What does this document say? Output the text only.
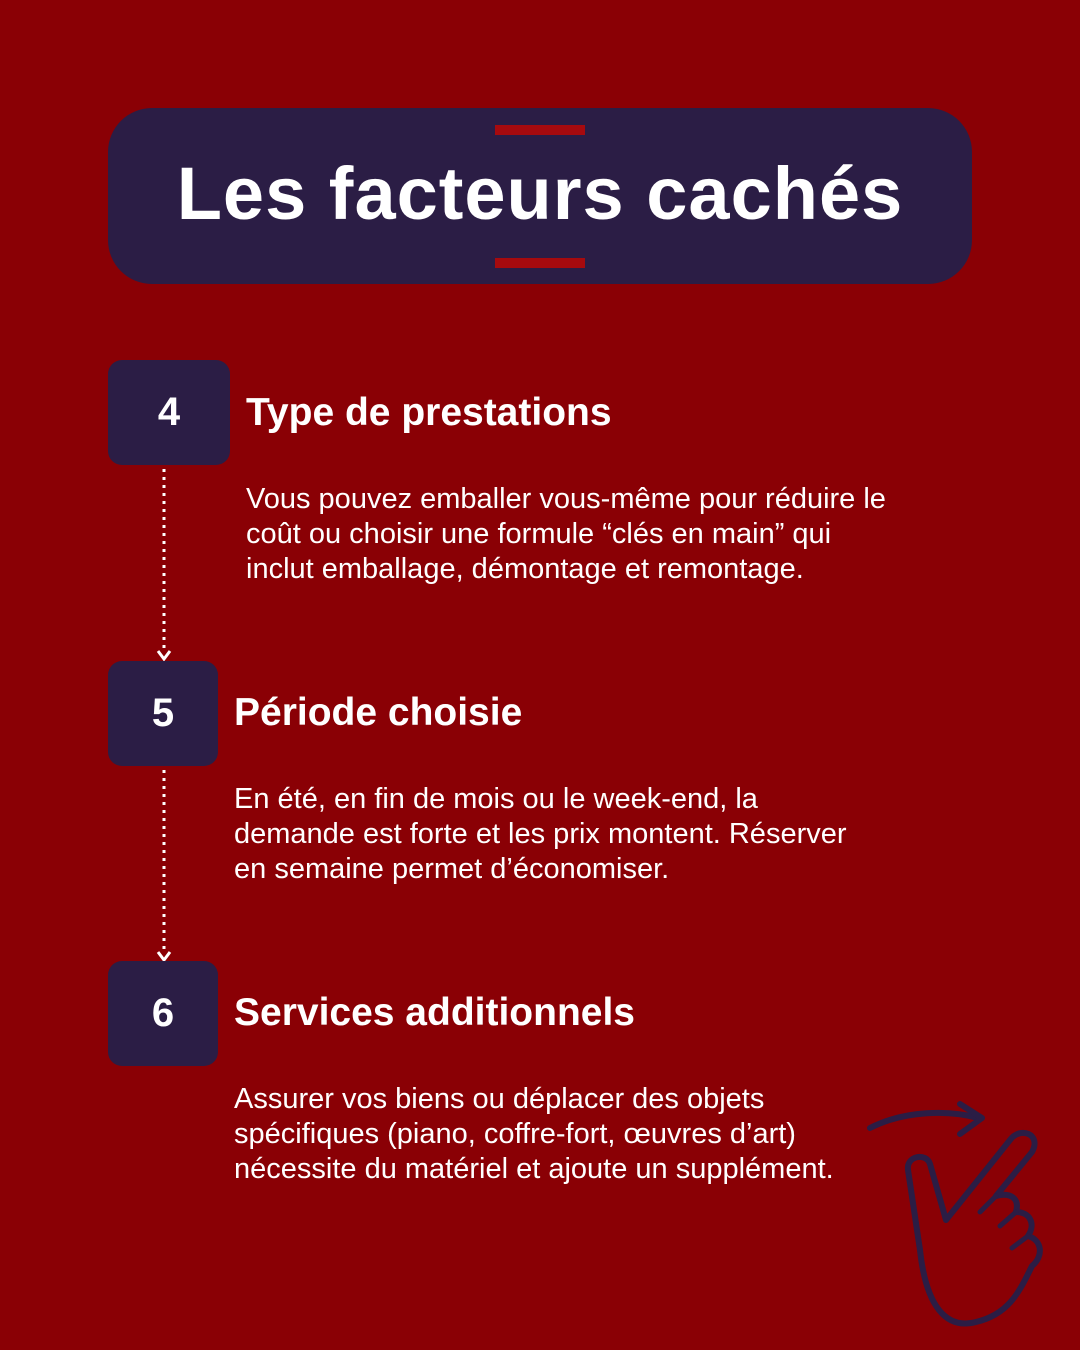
Les facteurs cachés
4	Type de prestations
Vous pouvez emballer vous-même pour réduire le coût ou choisir une formule “clés en main” qui inclut emballage, démontage et remontage.
5	Période choisie
En été, en fin de mois ou le week-end, la demande est forte et les prix montent. Réserver en semaine permet d’économiser.
6	Services additionnels
Assurer vos biens ou déplacer des objets spécifiques (piano, coffre-fort, œuvres d’art) nécessite du matériel et ajoute un supplément.
